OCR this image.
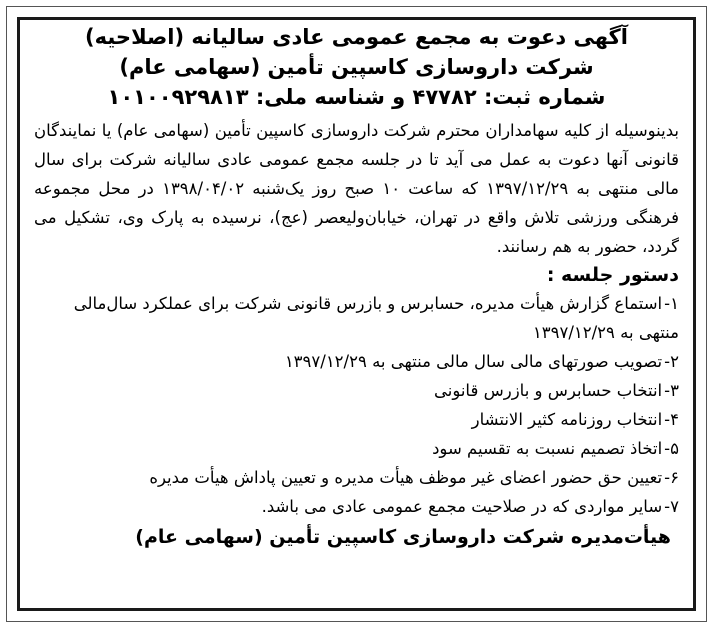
آگهی دعوت به مجمع عمومی عادی سالیانه (اصلاحیه)
شرکت داروسازی کاسپین تأمین (سهامی عام)
شماره ثبت: ۴۷۷۸۲ و شناسه ملی: ۱۰۱۰۰۹۲۹۸۱۳
بدینوسیله از کلیه سهامداران محترم شرکت داروسازی کاسپین تأمین (سهامی عام) یا نمایندگان قانونی آنها دعوت به عمل می آید تا در جلسه مجمع عمومی عادی سالیانه شرکت برای سال مالی منتهی به ۱۳۹۷/۱۲/۲۹ که ساعت ۱۰ صبح روز یک‌شنبه ۱۳۹۸/۰۴/۰۲ در محل مجموعه فرهنگی ورزشی تلاش واقع در تهران، خیابان‌ولیعصر (عج)، نرسیده به پارک وی، تشکیل می گردد، حضور به هم رسانند.
دستور جلسه :
۱-استماع گزارش هیأت مدیره، حسابرس و بازرس قانونی شرکت برای عملکرد سال‌مالی منتهی به ۱۳۹۷/۱۲/۲۹
۲-تصویب صورتهای مالی سال مالی منتهی به ۱۳۹۷/۱۲/۲۹
۳-انتخاب حسابرس و بازرس قانونی
۴-انتخاب روزنامه کثیر الانتشار
۵-اتخاذ تصمیم نسبت به تقسیم سود
۶-تعیین حق حضور اعضای غیر موظف هیأت مدیره و تعیین پاداش هیأت مدیره
۷-سایر مواردی که در صلاحیت مجمع عمومی عادی می باشد.
هیأت‌مدیره شرکت داروسازی کاسپین تأمین (سهامی عام)
